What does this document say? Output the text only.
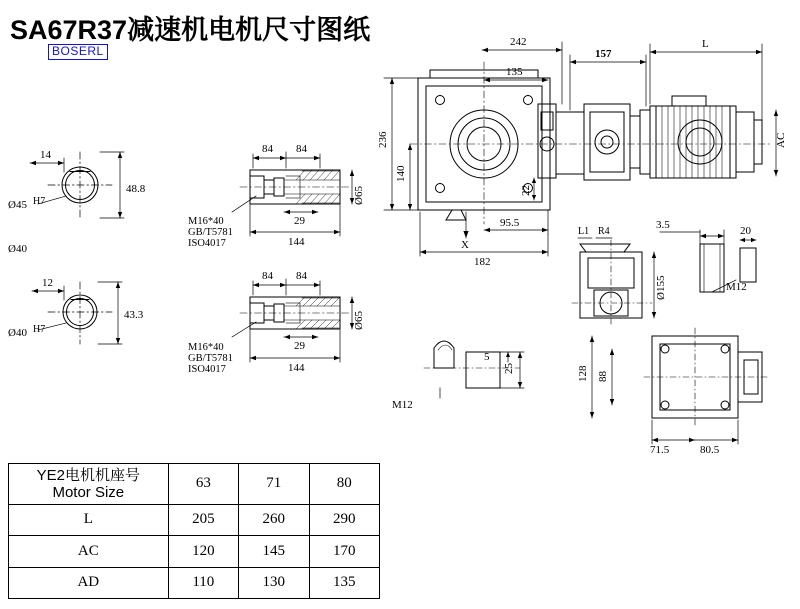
SA67R37减速机电机尺寸图纸
BOSERL
14
Ø45 H7
48.8
Ø40
12
Ø40 H7
43.3
84 84
29
144
Ø65
M16*40
GB/T5781
ISO4017
84 84
29
144
Ø65
M16*40
GB/T5781
ISO4017
242
135
157
L
AC
236
140
22
X
95.5
182
L1 R4
3.5	20
Ø155	M12
5
25
M12
128 88
71.5	80.5
YE2电机机座号
Motor Size	63	71	80
L	205	260	290
AC	120	145	170
AD	110	130	135
